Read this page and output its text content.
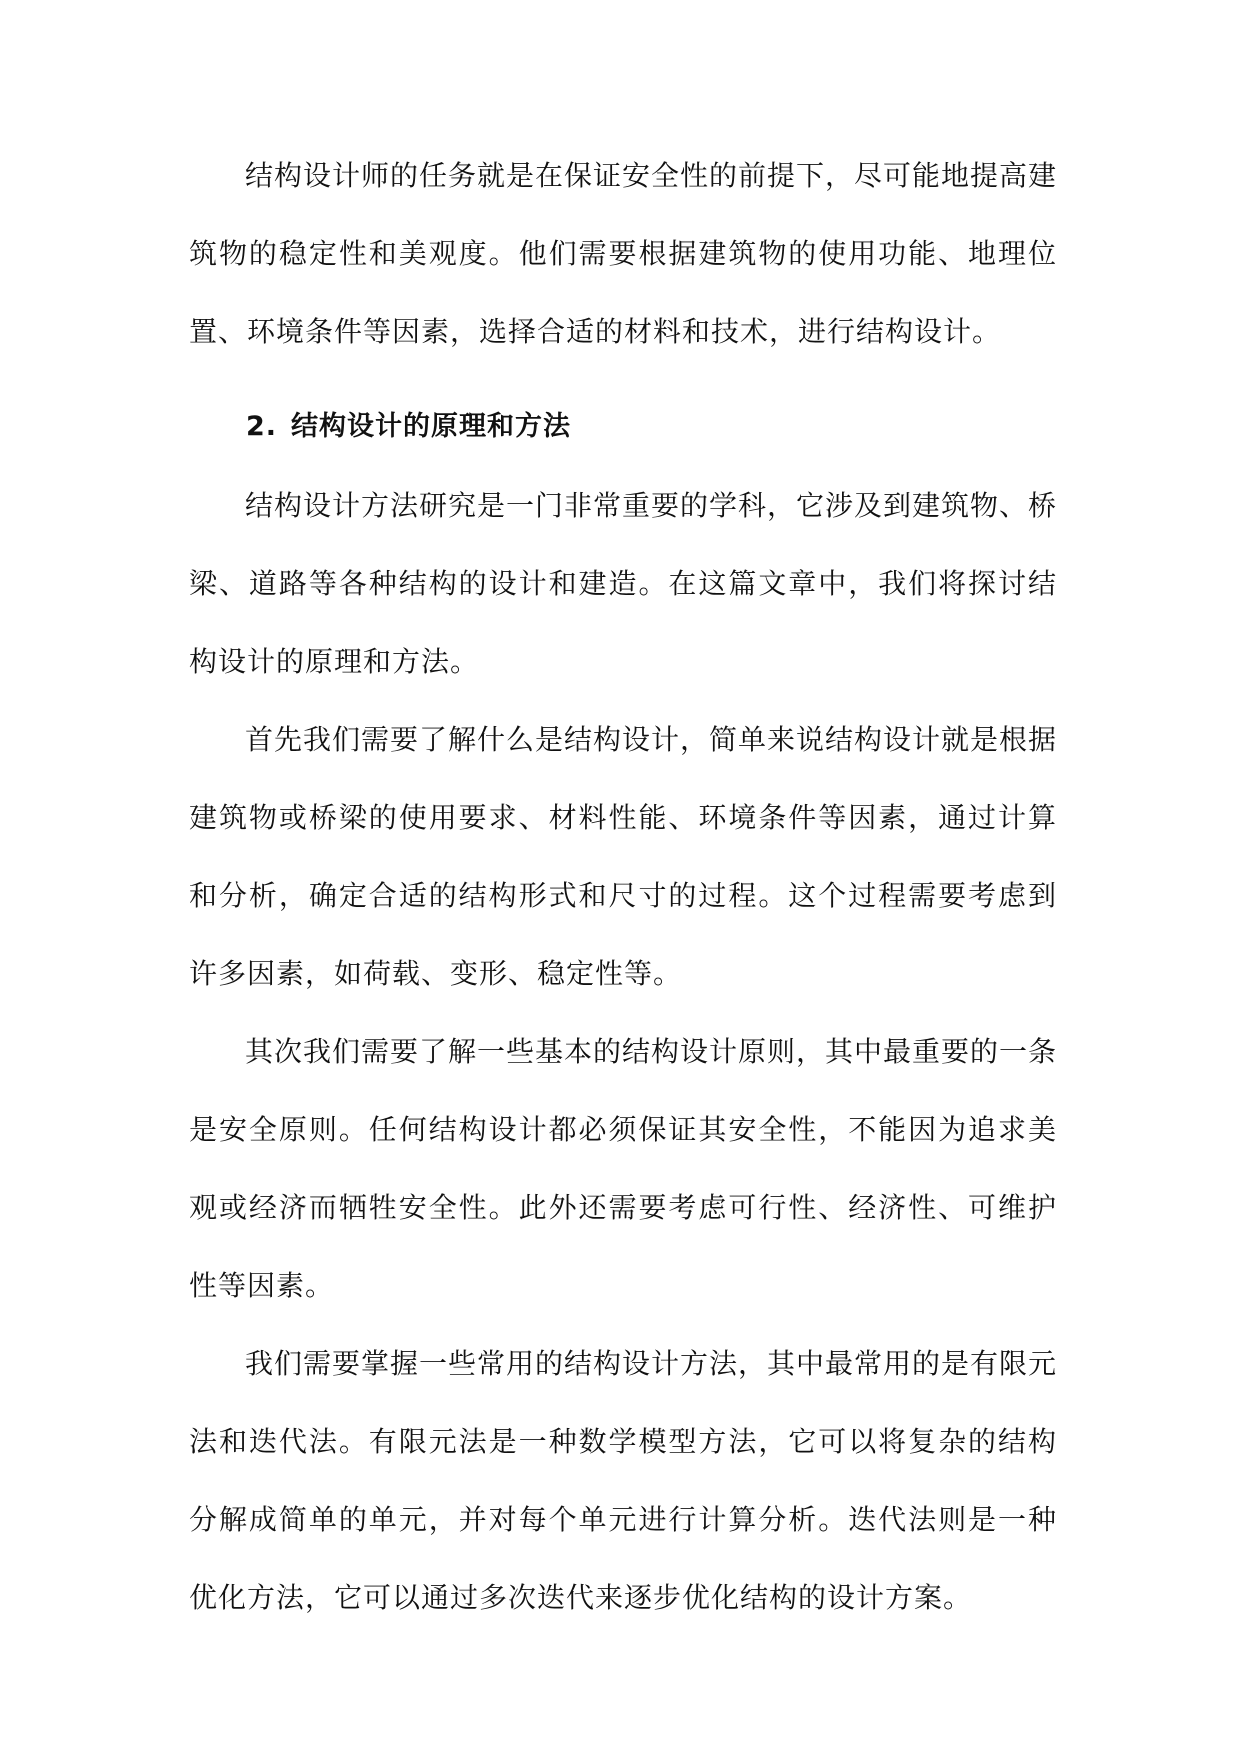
结构设计师的任务就是在保证安全性的前提下，尽可能地提高建筑物的稳定性和美观度。他们需要根据建筑物的使用功能、地理位置、环境条件等因素，选择合适的材料和技术，进行结构设计。

2. 结构设计的原理和方法

结构设计方法研究是一门非常重要的学科，它涉及到建筑物、桥梁、道路等各种结构的设计和建造。在这篇文章中，我们将探讨结构设计的原理和方法。

首先我们需要了解什么是结构设计，简单来说结构设计就是根据建筑物或桥梁的使用要求、材料性能、环境条件等因素，通过计算和分析，确定合适的结构形式和尺寸的过程。这个过程需要考虑到许多因素，如荷载、变形、稳定性等。

其次我们需要了解一些基本的结构设计原则，其中最重要的一条是安全原则。任何结构设计都必须保证其安全性，不能因为追求美观或经济而牺牲安全性。此外还需要考虑可行性、经济性、可维护性等因素。

我们需要掌握一些常用的结构设计方法，其中最常用的是有限元法和迭代法。有限元法是一种数学模型方法，它可以将复杂的结构分解成简单的单元，并对每个单元进行计算分析。迭代法则是一种优化方法，它可以通过多次迭代来逐步优化结构的设计方案。
